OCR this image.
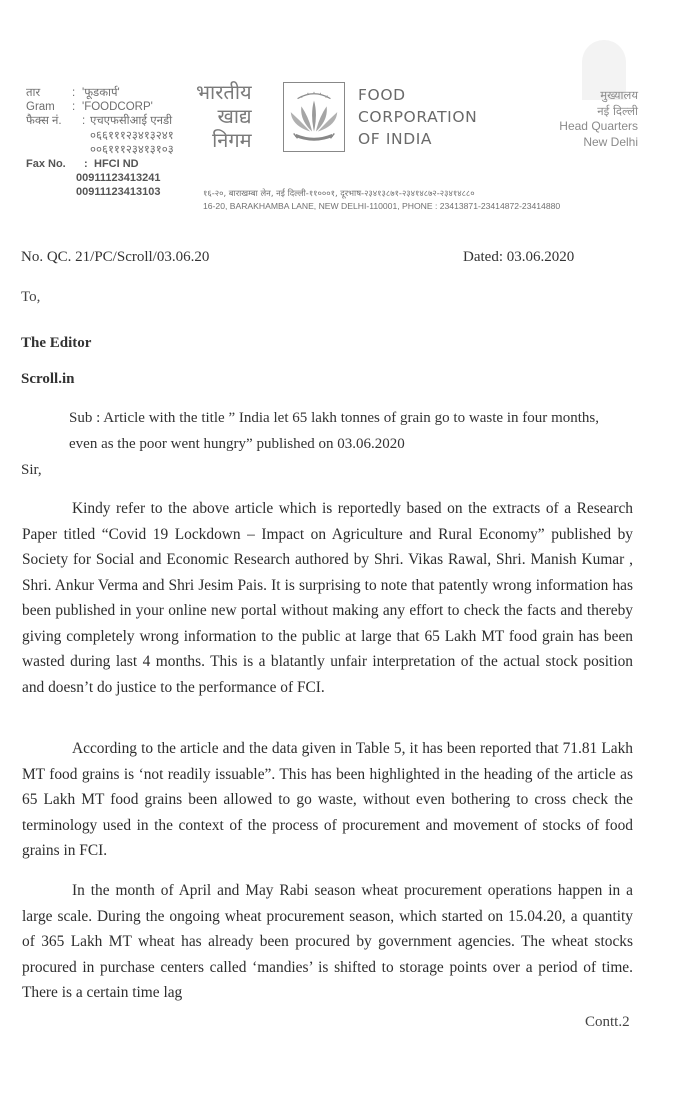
तार	: 'फूडकार्प'
Gram	: 'FOODCORP'
फैक्स नं.	: एचएफसीआई एनडी
०६६१११२३४१३२४१
००६१११२३४१३१०३
Fax No.	: HFCI ND
00911123413241
00911123413103
भारतीय
खाद्य
निगम
FOOD
CORPORATION
OF INDIA
मुख्यालय
नई दिल्ली
Head Quarters
New Delhi
१६-२०, बाराखम्बा लेन, नई दिल्ली-११०००१, दूरभाष-२३४१३८७१-२३४१४८७२-२३४१४८८०
16-20, BARAKHAMBA LANE, NEW DELHI-110001, PHONE : 23413871-23414872-23414880
No. QC. 21/PC/Scroll/03.06.20	Dated: 03.06.2020
To,
The Editor
Scroll.in
Sub : Article with the title ” India let 65 lakh tonnes of grain go to waste in four months, even as the poor went hungry” published on 03.06.2020
Sir,
Kindy refer to the above article which is reportedly based on the extracts of a Research Paper titled “Covid 19 Lockdown – Impact on Agriculture and Rural Economy” published by Society for Social and Economic Research authored by Shri. Vikas Rawal, Shri. Manish Kumar , Shri. Ankur Verma and Shri Jesim Pais. It is surprising to note that patently wrong information has been published in your online new portal without making any effort to check the facts and thereby giving completely wrong information to the public at large that 65 Lakh MT food grain has been wasted during last 4 months. This is a blatantly unfair interpretation of the actual stock position and doesn’t do justice to the performance of FCI.
According to the article and the data given in Table 5, it has been reported that 71.81 Lakh MT food grains is ‘not readily issuable”. This has been highlighted in the heading of the article as 65 Lakh MT food grains been allowed to go waste, without even bothering to cross check the terminology used in the context of the process of procurement and movement of stocks of food grains in FCI.
In the month of April and May Rabi season wheat procurement operations happen in a large scale. During the ongoing wheat procurement season, which started on 15.04.20, a quantity of 365 Lakh MT wheat has already been procured by government agencies. The wheat stocks procured in purchase centers called ‘mandies’ is shifted to storage points over a period of time. There is a certain time lag
Contt.2
